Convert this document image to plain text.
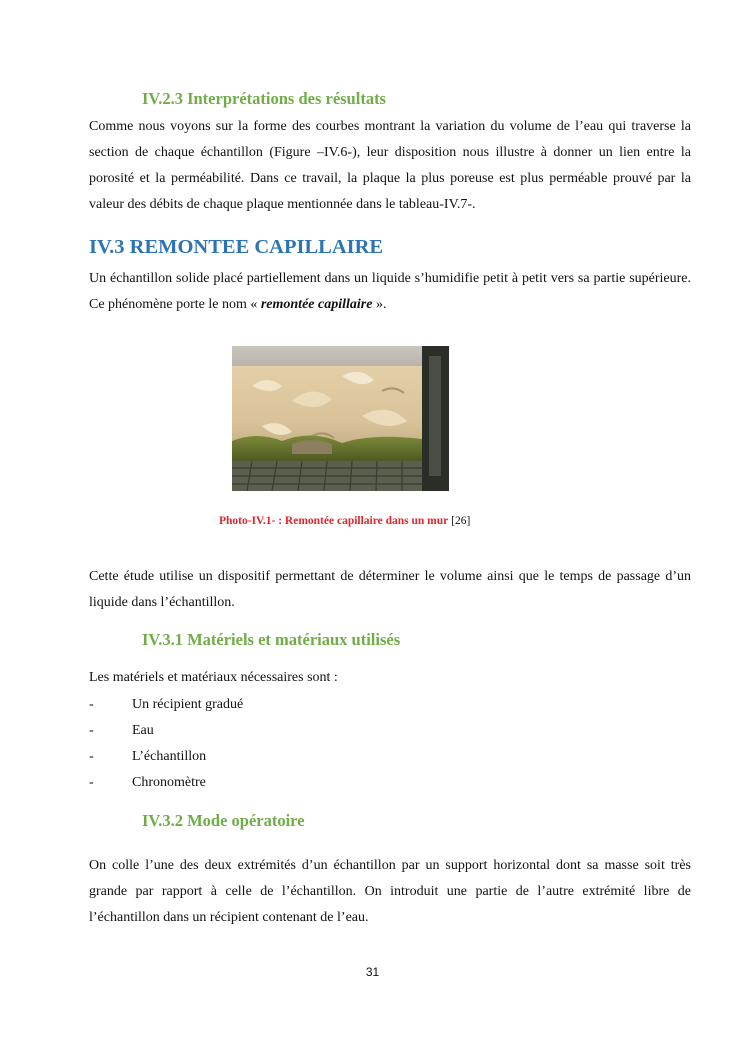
IV.2.3 Interprétations des résultats

Comme nous voyons sur la forme des courbes montrant la variation du volume de l’eau qui traverse la section de chaque échantillon (Figure –IV.6-), leur disposition nous illustre à donner un lien entre la porosité et la perméabilité. Dans ce travail, la plaque la plus poreuse est plus perméable prouvé par la valeur des débits de chaque plaque mentionnée dans le tableau-IV.7-.

IV.3 REMONTEE CAPILLAIRE

Un échantillon solide placé partiellement dans un liquide s’humidifie petit à petit vers sa partie supérieure. Ce phénomène porte le nom « remontée capillaire ».

Photo-IV.1- : Remontée capillaire dans un mur [26]

Cette étude utilise un dispositif permettant de déterminer le volume ainsi que le temps de passage d’un liquide dans l’échantillon.

IV.3.1 Matériels et matériaux utilisés
Les matériels et matériaux nécessaires sont :
-	Un récipient gradué
-	Eau
-	L’échantillon
-	Chronomètre
IV.3.2 Mode opératoire

On colle l’une des deux extrémités d’un échantillon par un support horizontal dont sa masse soit très grande par rapport à celle de l’échantillon. On introduit une partie de l’autre extrémité libre de l’échantillon dans un récipient contenant de l’eau.

31
